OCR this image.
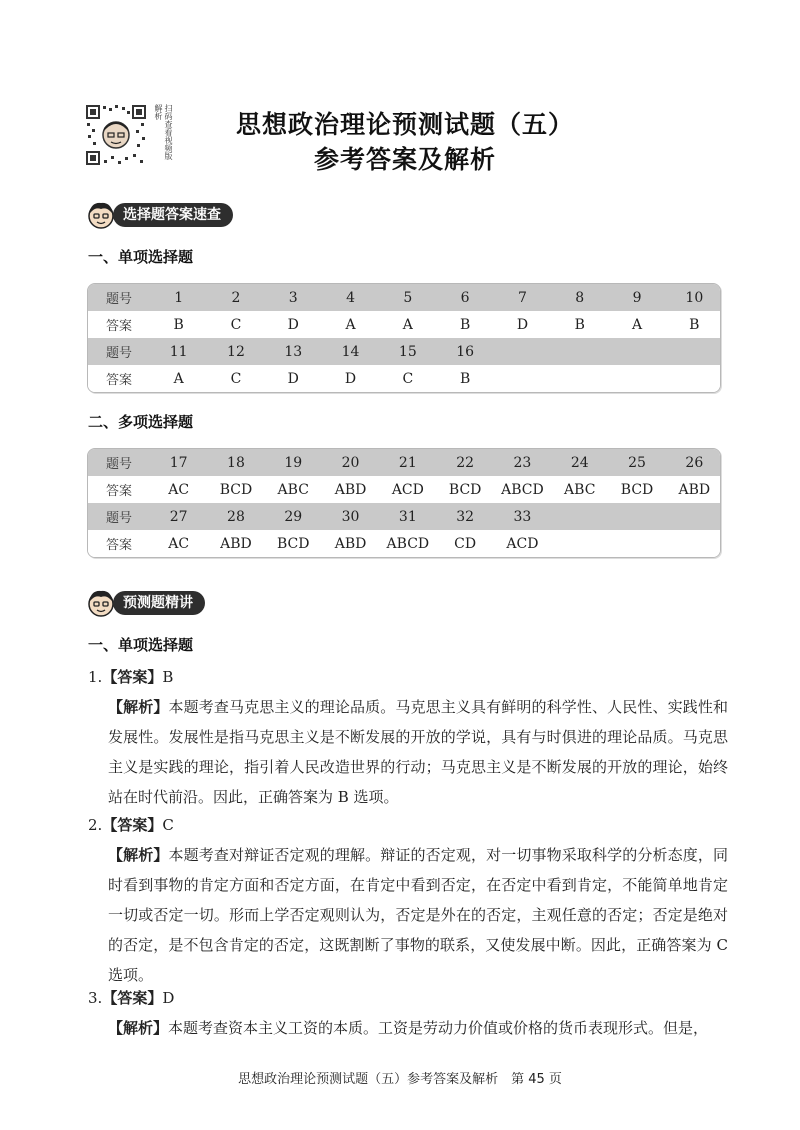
扫码查看视频版解析	思想政治理论预测试题（五）
参考答案及解析
选择题答案速查
一、单项选择题
题号	1	2	3	4	5	6	7	8	9	10
答案	B	C	D	A	A	B	D	B	A	B
题号	11	12	13	14	15	16
答案	A	C	D	D	C	B
二、多项选择题
题号	17	18	19	20	21	22	23	24	25	26
答案	AC	BCD	ABC	ABD	ACD	BCD	ABCD	ABC	BCD	ABD
题号	27	28	29	30	31	32	33
答案	AC	ABD	BCD	ABD	ABCD	CD	ACD
预测题精讲
一、单项选择题
1.【答案】B
【解析】本题考查马克思主义的理论品质。马克思主义具有鲜明的科学性、人民性、实践性和发展性。发展性是指马克思主义是不断发展的开放的学说，具有与时俱进的理论品质。马克思主义是实践的理论，指引着人民改造世界的行动；马克思主义是不断发展的开放的理论，始终站在时代前沿。因此，正确答案为 B 选项。
2.【答案】C
【解析】本题考查对辩证否定观的理解。辩证的否定观，对一切事物采取科学的分析态度，同时看到事物的肯定方面和否定方面，在肯定中看到否定，在否定中看到肯定，不能简单地肯定一切或否定一切。形而上学否定观则认为，否定是外在的否定，主观任意的否定；否定是绝对的否定，是不包含肯定的否定，这既割断了事物的联系，又使发展中断。因此，正确答案为 C 选项。
3.【答案】D
【解析】本题考查资本主义工资的本质。工资是劳动力价值或价格的货币表现形式。但是，
思想政治理论预测试题（五）参考答案及解析　第 45 页
